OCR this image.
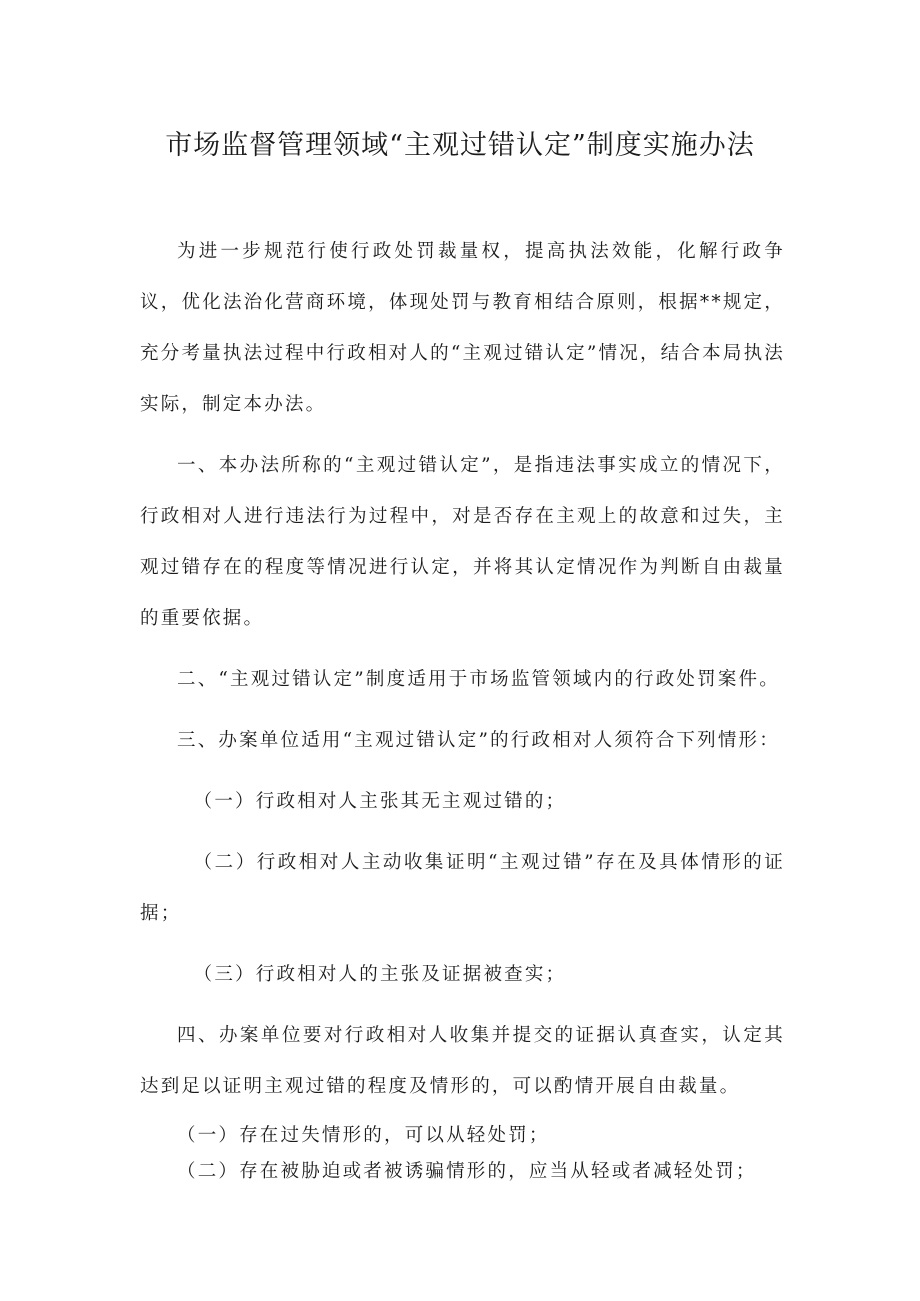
市场监督管理领域“主观过错认定”制度实施办法

为进一步规范行使行政处罚裁量权，提高执法效能，化解行政争议，优化法治化营商环境，体现处罚与教育相结合原则，根据**规定，充分考量执法过程中行政相对人的“主观过错认定”情况，结合本局执法实际，制定本办法。

一、本办法所称的“主观过错认定”，是指违法事实成立的情况下，行政相对人进行违法行为过程中，对是否存在主观上的故意和过失，主观过错存在的程度等情况进行认定，并将其认定情况作为判断自由裁量的重要依据。

二、“主观过错认定”制度适用于市场监管领域内的行政处罚案件。

三、办案单位适用“主观过错认定”的行政相对人须符合下列情形：

（一）行政相对人主张其无主观过错的；

（二）行政相对人主动收集证明“主观过错”存在及具体情形的证据；

（三）行政相对人的主张及证据被查实；

四、办案单位要对行政相对人收集并提交的证据认真查实，认定其达到足以证明主观过错的程度及情形的，可以酌情开展自由裁量。

（一）存在过失情形的，可以从轻处罚；

（二）存在被胁迫或者被诱骗情形的，应当从轻或者减轻处罚；
